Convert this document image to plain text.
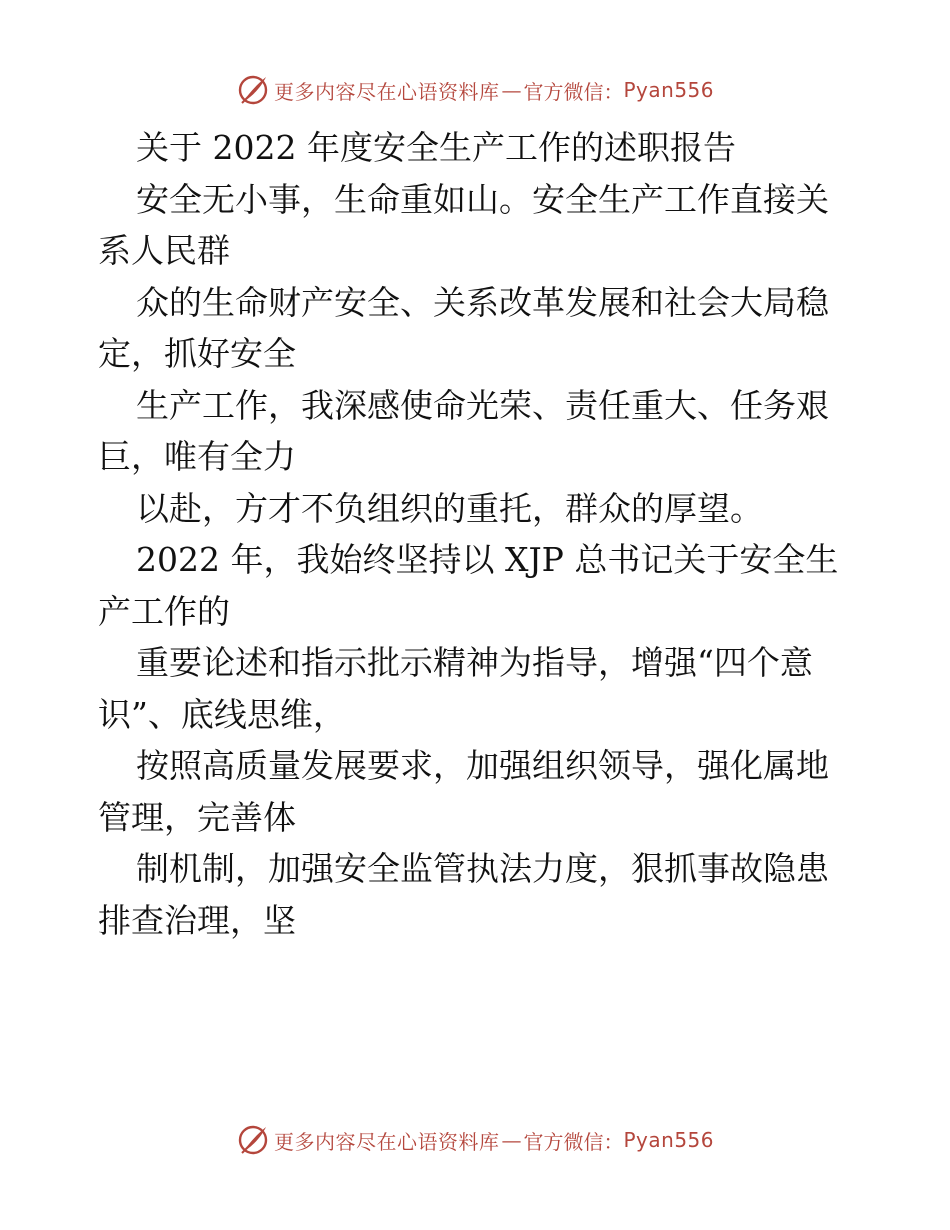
更多内容尽在心语资料库 — 官方微信： Pyan556
关于 2022 年度安全生产工作的述职报告
安全无小事，生命重如山。安全生产工作直接关
系人民群
众的生命财产安全、关系改革发展和社会大局稳
定，抓好安全
生产工作，我深感使命光荣、责任重大、任务艰
巨，唯有全力
以赴，方才不负组织的重托，群众的厚望。
2022 年，我始终坚持以 XJP 总书记关于安全生
产工作的
重要论述和指示批示精神为指导，增强“四个意
识”、底线思维，
按照高质量发展要求，加强组织领导，强化属地
管理，完善体
制机制，加强安全监管执法力度，狠抓事故隐患
排查治理，坚
更多内容尽在心语资料库 — 官方微信： Pyan556
